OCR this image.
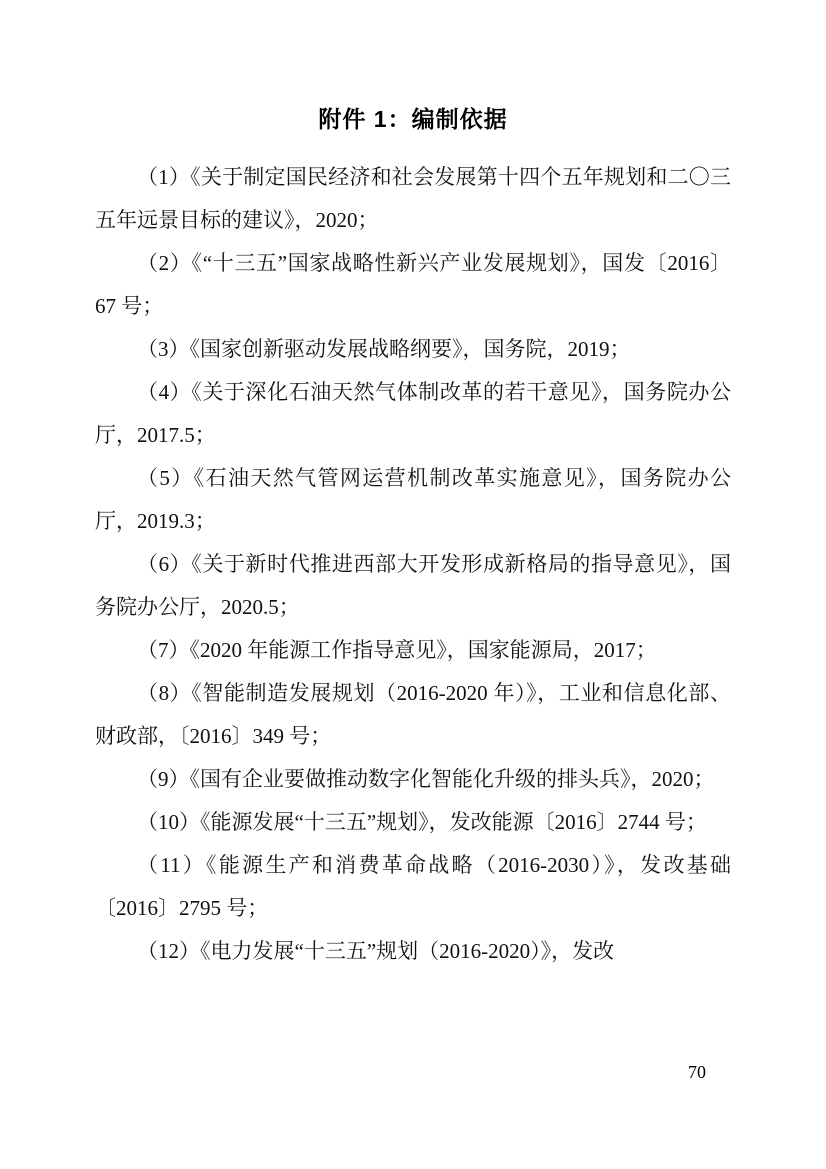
附件 1：编制依据

（1）《关于制定国民经济和社会发展第十四个五年规划和二〇三五年远景目标的建议》，2020；

（2）《“十三五”国家战略性新兴产业发展规划》，国发〔2016〕67 号；

（3）《国家创新驱动发展战略纲要》，国务院，2019；

（4）《关于深化石油天然气体制改革的若干意见》，国务院办公厅，2017.5；

（5）《石油天然气管网运营机制改革实施意见》，国务院办公厅，2019.3；

（6）《关于新时代推进西部大开发形成新格局的指导意见》，国务院办公厅，2020.5；

（7）《2020 年能源工作指导意见》，国家能源局，2017；

（8）《智能制造发展规划（2016-2020 年）》，工业和信息化部、财政部，〔2016〕349 号；

（9）《国有企业要做推动数字化智能化升级的排头兵》，2020；

（10）《能源发展“十三五”规划》，发改能源〔2016〕2744 号；

（11）《能源生产和消费革命战略（2016-2030）》，发改基础〔2016〕2795 号；

（12）《电力发展“十三五”规划（2016-2020）》，发改

70
